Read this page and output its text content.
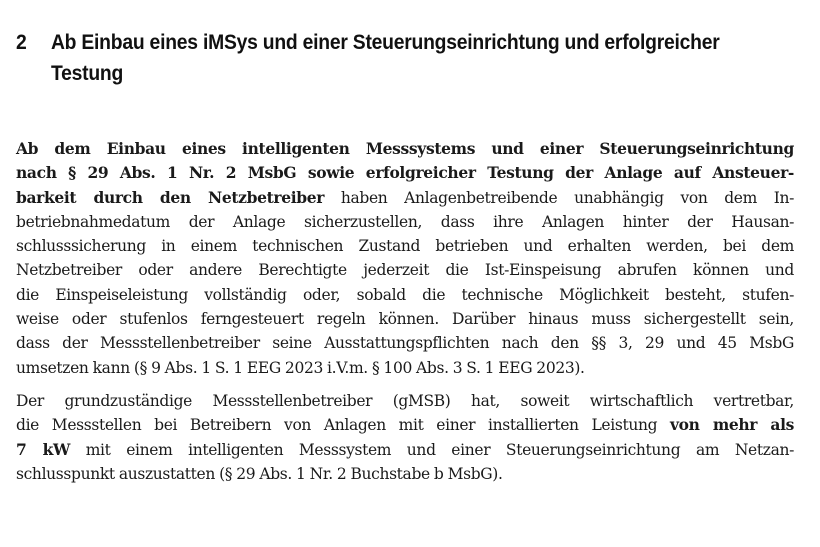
2	Ab Einbau eines iMSys und einer Steuerungseinrichtung und erfolgreicher Testung

Ab dem Einbau eines intelligenten Messsystems und einer Steuerungseinrichtung
nach § 29 Abs. 1 Nr. 2 MsbG sowie erfolgreicher Testung der Anlage auf Ansteuer-
barkeit durch den Netzbetreiber haben Anlagenbetreibende unabhängig von dem In-
betriebnahmedatum der Anlage sicherzustellen, dass ihre Anlagen hinter der Hausan-
schlusssicherung in einem technischen Zustand betrieben und erhalten werden, bei dem
Netzbetreiber oder andere Berechtigte jederzeit die Ist-Einspeisung abrufen können und
die Einspeiseleistung vollständig oder, sobald die technische Möglichkeit besteht, stufen-
weise oder stufenlos ferngesteuert regeln können. Darüber hinaus muss sichergestellt sein,
dass der Messstellenbetreiber seine Ausstattungspflichten nach den §§ 3, 29 und 45 MsbG
umsetzen kann (§ 9 Abs. 1 S. 1 EEG 2023 i.V.m. § 100 Abs. 3 S. 1 EEG 2023).

Der grundzuständige Messstellenbetreiber (gMSB) hat, soweit wirtschaftlich vertretbar,
die Messstellen bei Betreibern von Anlagen mit einer installierten Leistung von mehr als
7 kW mit einem intelligenten Messsystem und einer Steuerungseinrichtung am Netzan-
schlusspunkt auszustatten (§ 29 Abs. 1 Nr. 2 Buchstabe b MsbG).
